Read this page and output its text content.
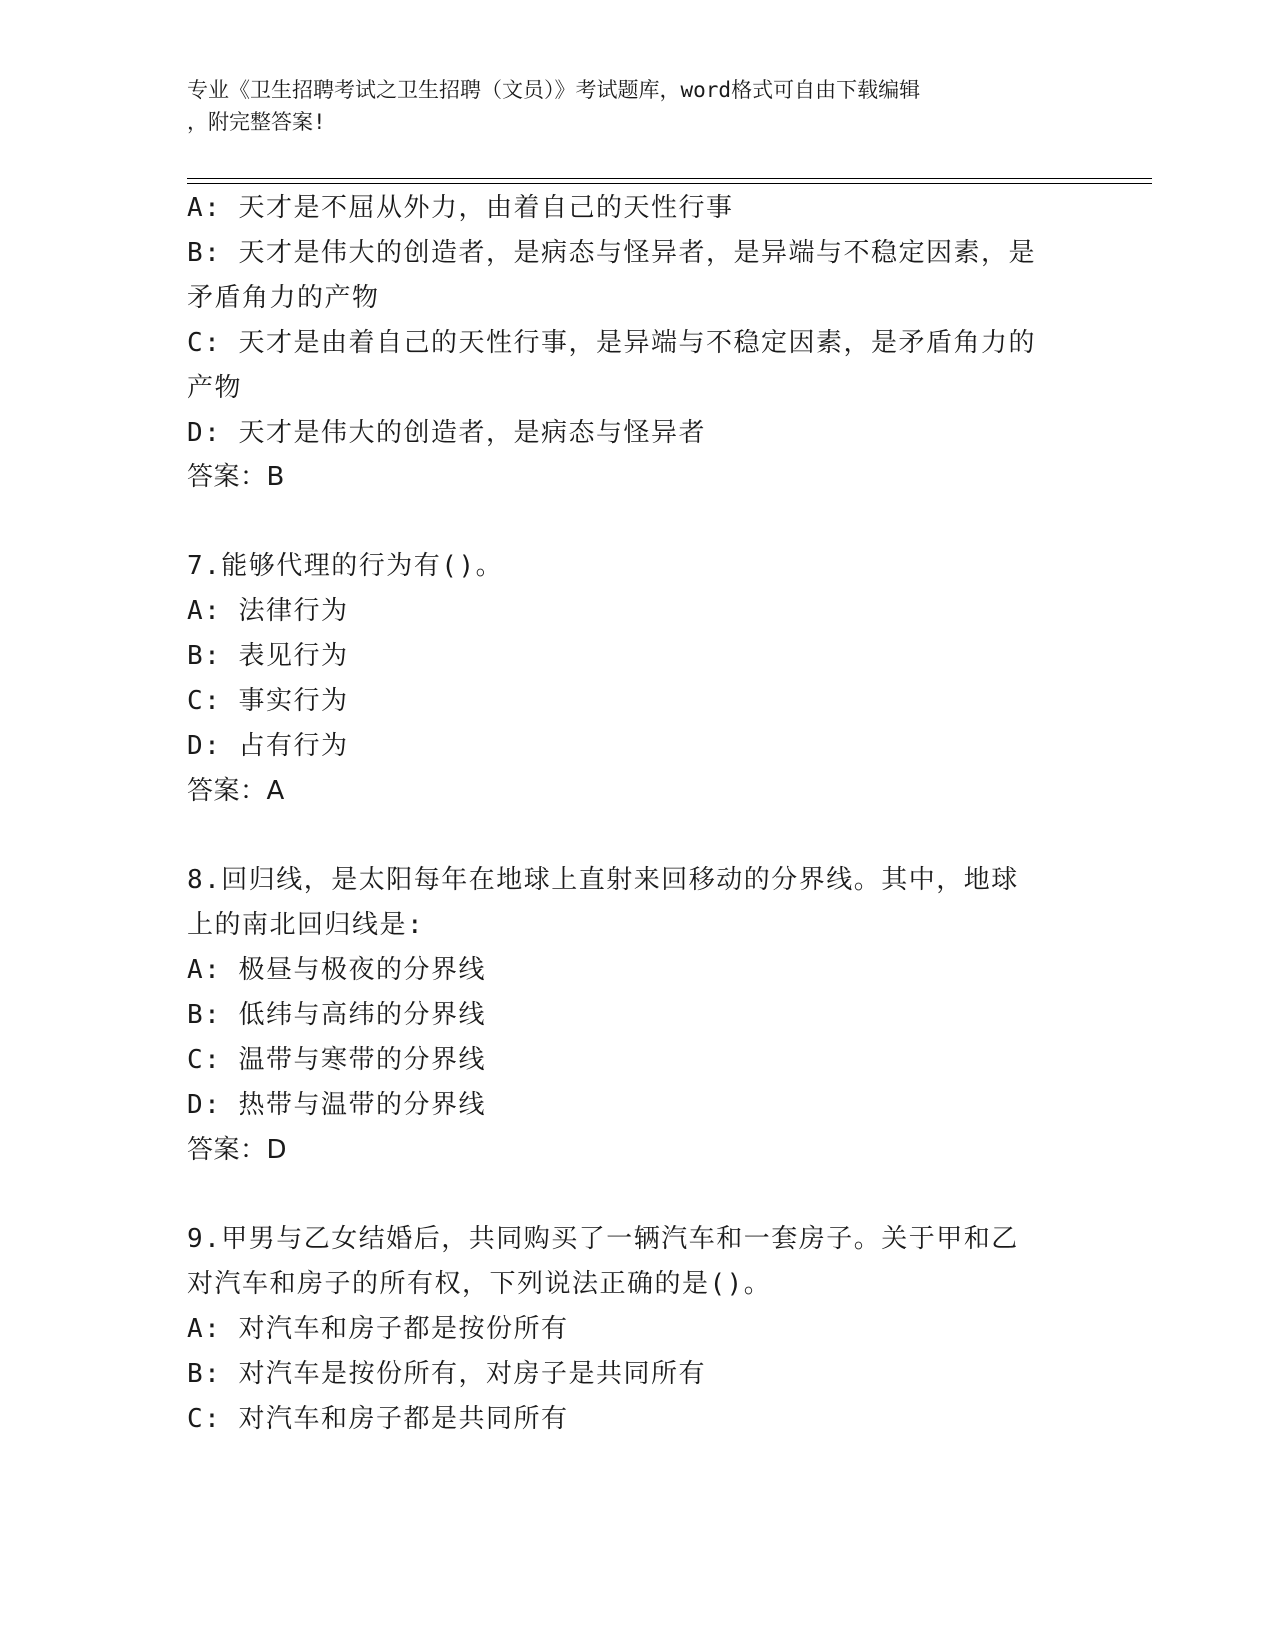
专业《卫生招聘考试之卫生招聘（文员）》考试题库，word格式可自由下载编辑
，附完整答案!
A: 天才是不屈从外力，由着自己的天性行事
B: 天才是伟大的创造者，是病态与怪异者，是异端与不稳定因素，是
矛盾角力的产物
C: 天才是由着自己的天性行事，是异端与不稳定因素，是矛盾角力的
产物
D: 天才是伟大的创造者，是病态与怪异者
答案：B
7.能够代理的行为有()。
A: 法律行为
B: 表见行为
C: 事实行为
D: 占有行为
答案：A
8.回归线，是太阳每年在地球上直射来回移动的分界线。其中，地球
上的南北回归线是:
A: 极昼与极夜的分界线
B: 低纬与高纬的分界线
C: 温带与寒带的分界线
D: 热带与温带的分界线
答案：D
9.甲男与乙女结婚后，共同购买了一辆汽车和一套房子。关于甲和乙
对汽车和房子的所有权，下列说法正确的是()。
A: 对汽车和房子都是按份所有
B: 对汽车是按份所有，对房子是共同所有
C: 对汽车和房子都是共同所有
